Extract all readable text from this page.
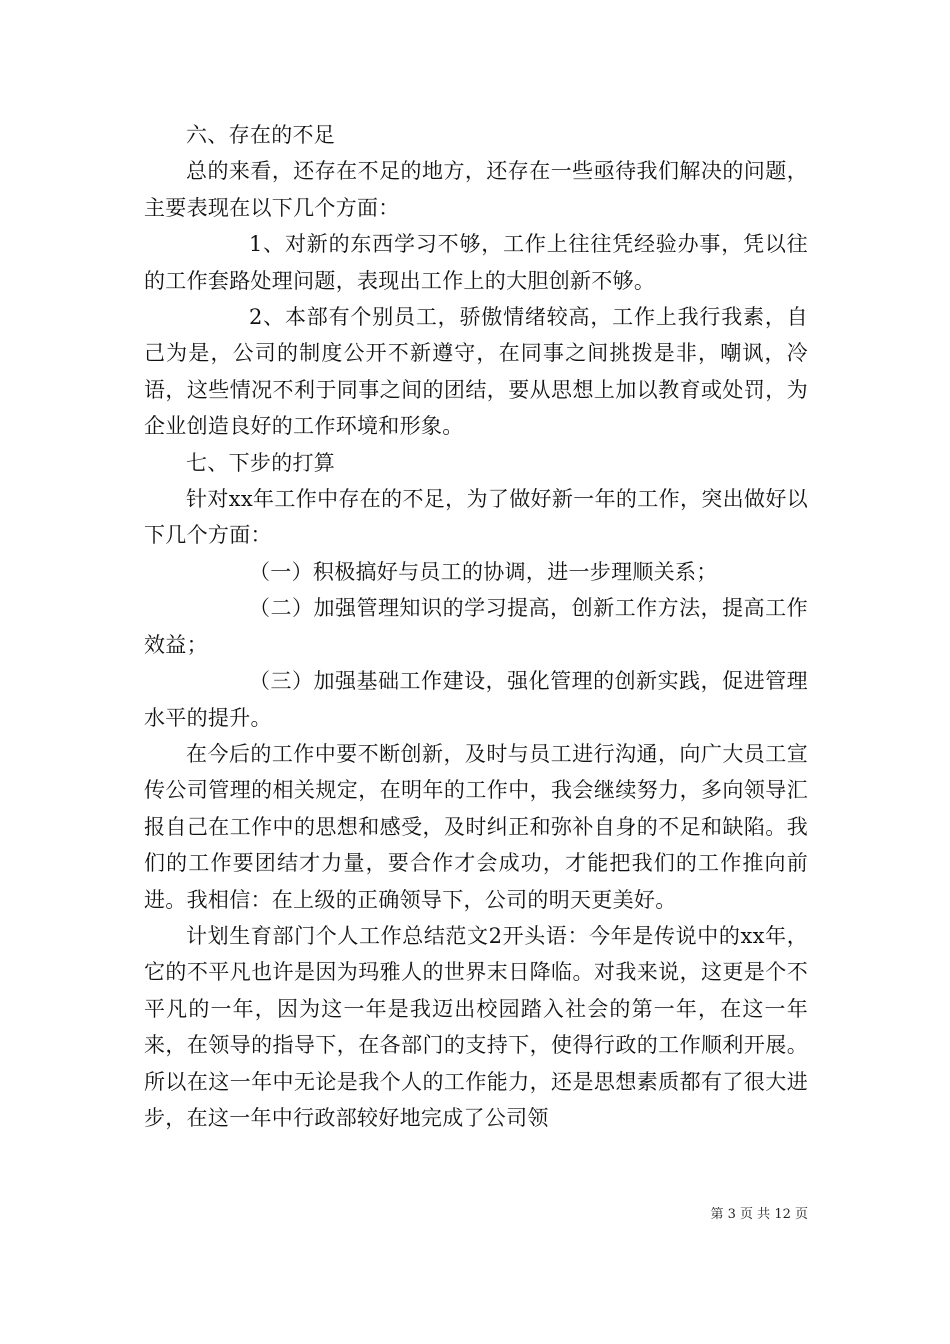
六、存在的不足

总的来看，还存在不足的地方，还存在一些亟待我们解决的问题，主要表现在以下几个方面：

1、对新的东西学习不够，工作上往往凭经验办事，凭以往的工作套路处理问题，表现出工作上的大胆创新不够。

2、本部有个别员工，骄傲情绪较高，工作上我行我素，自己为是，公司的制度公开不新遵守，在同事之间挑拨是非，嘲讽，冷语，这些情况不利于同事之间的团结，要从思想上加以教育或处罚，为企业创造良好的工作环境和形象。

七、下步的打算

针对xx年工作中存在的不足，为了做好新一年的工作，突出做好以下几个方面：

（一）积极搞好与员工的协调，进一步理顺关系；

（二）加强管理知识的学习提高，创新工作方法，提高工作效益；

（三）加强基础工作建设，强化管理的创新实践，促进管理水平的提升。

在今后的工作中要不断创新，及时与员工进行沟通，向广大员工宣传公司管理的相关规定，在明年的工作中，我会继续努力，多向领导汇报自己在工作中的思想和感受，及时纠正和弥补自身的不足和缺陷。我们的工作要团结才力量，要合作才会成功，才能把我们的工作推向前进。我相信：在上级的正确领导下，公司的明天更美好。

计划生育部门个人工作总结范文2开头语：今年是传说中的xx年，它的不平凡也许是因为玛雅人的世界末日降临。对我来说，这更是个不平凡的一年，因为这一年是我迈出校园踏入社会的第一年，在这一年来，在领导的指导下，在各部门的支持下，使得行政的工作顺利开展。所以在这一年中无论是我个人的工作能力，还是思想素质都有了很大进步，在这一年中行政部较好地完成了公司领

第 3 页 共 12 页
